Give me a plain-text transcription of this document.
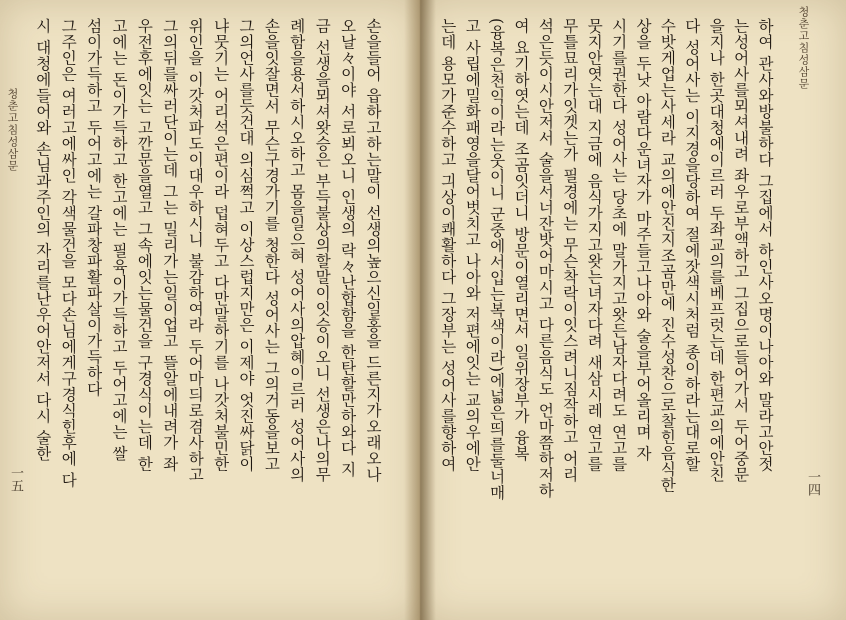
청춘고침성삼문
一五	손을들어 읍하고하는말이 선생의높으신일홍을 드른지가오래오나
오날々이야 서로뵈오니 인생의 락々난합함을 한탄할만하와다 지
금 선생을뫼셔왓승은 부득불상의할말이잇승이오니 선생은나의무
례함을용서하시오하고 몸을일으혀 성어사의압혜이르러 성어사의
손을잇잘면서 무슨구경가기를 청한다 성어사는 그의거동을보고
그의언사를듯건대 의심쩍고 이상스럽지만은 이제야 엇진싸닭이
냐뭇기는 어리석은편이라 덥혀두고 다만말하기를 나갓처불민한
위인을 이갓처파도이대우하시니 불감하여라 두어마듸로겸사하고
그의뒤를싸러단이는데 그는 밀리가는일이업고 뜰알에내려가 좌
우전후에잇는 고깐문을열고 그속에잇는물건을 구경식이는데 한
고에는 돈이가득하고 한고에는 필육이가득하고 두어고에는 쌀
섬이가득하고 두어고에는 갈파창파활파살이가득하다
그주인은 여러고에싸인 각색물건을 모다손님에게구경식힌후에 다
시 대청에들어와 손님과주인의 자리를난우어안저서 다시 술한	청춘고침성삼문
一四
하여 관사와방불하다 그집에서 하인사오명이나아와 말라고안젓
는성어사를뫼셔내려 좌우로부액하고 그집으로들어가서 두어중문
을지나 한곳대청에이르러 두좌교의를베프럿는데 한편교의에안친
다 성어사는 이지경을당하여 절에잣색시처럼 종이하라는대로할
수밧게업는사세라 교의에안진지조곰만에 진수성찬으로찰힌음식한
상을 두낫 아람다운녀자가 마주들고나아와 술을부어올리며 자
시기를권한다 성어사는 당초에 말가지고왓든남자다려도 연고를
뭇지안엿는대 지금에 음식가지고왓는녀자다려 새삼시레 연고를
무틀묘리가잇겟는가 필경에는 무슨착락이잇스려니짐작하고 어리
석은듯이시안저서 술을서너잔밧어마시고 다른음식도 언마쯤하저하
여 요기하엿는데 조곰잇더니 방문이열리면서 일위장부가 융복
(융복은천익이라는웃이니 군중에서입는복색이라)에넓은띄를둘너매
고 사립에밀화패영을달어벗치고 나아와 저편에잇는 교의우에안
는데 용모가준수하고 긔상이쾌활하다 그장부는 성어사를향하여
